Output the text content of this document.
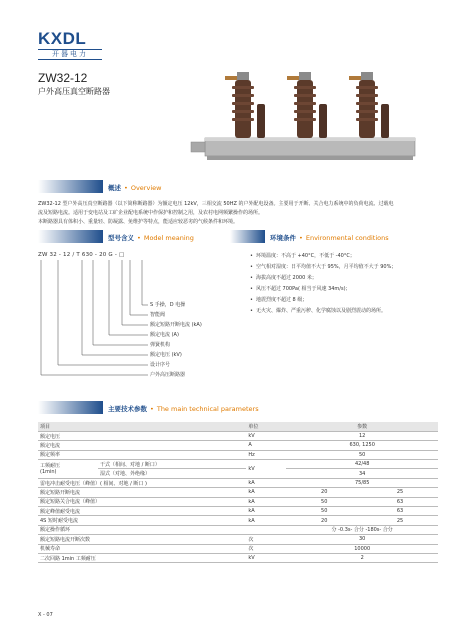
KXDL
开器电力
ZW32-12
户外高压真空断路器
概述 • Overview
ZW32-12 型户外高压真空断路器（以下简称断路器）为额定电压 12kV，三相交流 50HZ 的户外配电设备。主要用于开断、关合电力系统中的负荷电流、过载电
流及短路电流。适用于变电站及工矿企业配电系统中作保护和控制之用，及农村电网频繁操作的场所。
本断路器具有体积小、重量轻、防凝露、免维护等特点，能适应较恶劣的气候条件和环境。
型号含义 • Model meaning
ZW 32 - 12 / T 630 - 20 G - □
S 手操，D 电操
智能阀
额定短路开断电流 (kA)
额定电流 (A)
弹簧机构
额定电压 (kV)
设计序号
户外高压断路器
环境条件 • Environmental conditions
• 环境温度：不高于 +40°C，不低于 -40°C；
• 空气相对湿度：日平均值不大于 95%，月平均值不大于 90%；
• 海拔高度不超过 2000 米；
• 风压不超过 700Pa( 相当于风速 34m/s)；
• 地震烈度不超过 8 级；
• 无火灾、爆炸、严重污秽、化学腐蚀以及剧烈震动的场所。
主要技术参数 • The main technical parameters
项目		单位	参数	
额定电压		kV	12	
额定电流		A	630, 1250	
额定频率		Hz	50	
工频耐压
(1min)	干式（相间、对地 / 断口）	kV	42/48	
	湿式（对地、外绝缘）		34	
雷电冲击耐受电压（峰值）( 相间、对地 / 断口 )		kA	75/85	
额定短路开断电流		kA	20	25
额定短路关合电流（峰值）		kA	50	63
额定峰值耐受电流		kA	50	63
4S 短时耐受电流		kA	20	25
额定操作循环			分 -0.3s- 合分 -180s- 合分	
额定短路电流开断次数		次	30	
机械寿命		次	10000	
二次回路 1min 工频耐压		kV	2	
X - 07
